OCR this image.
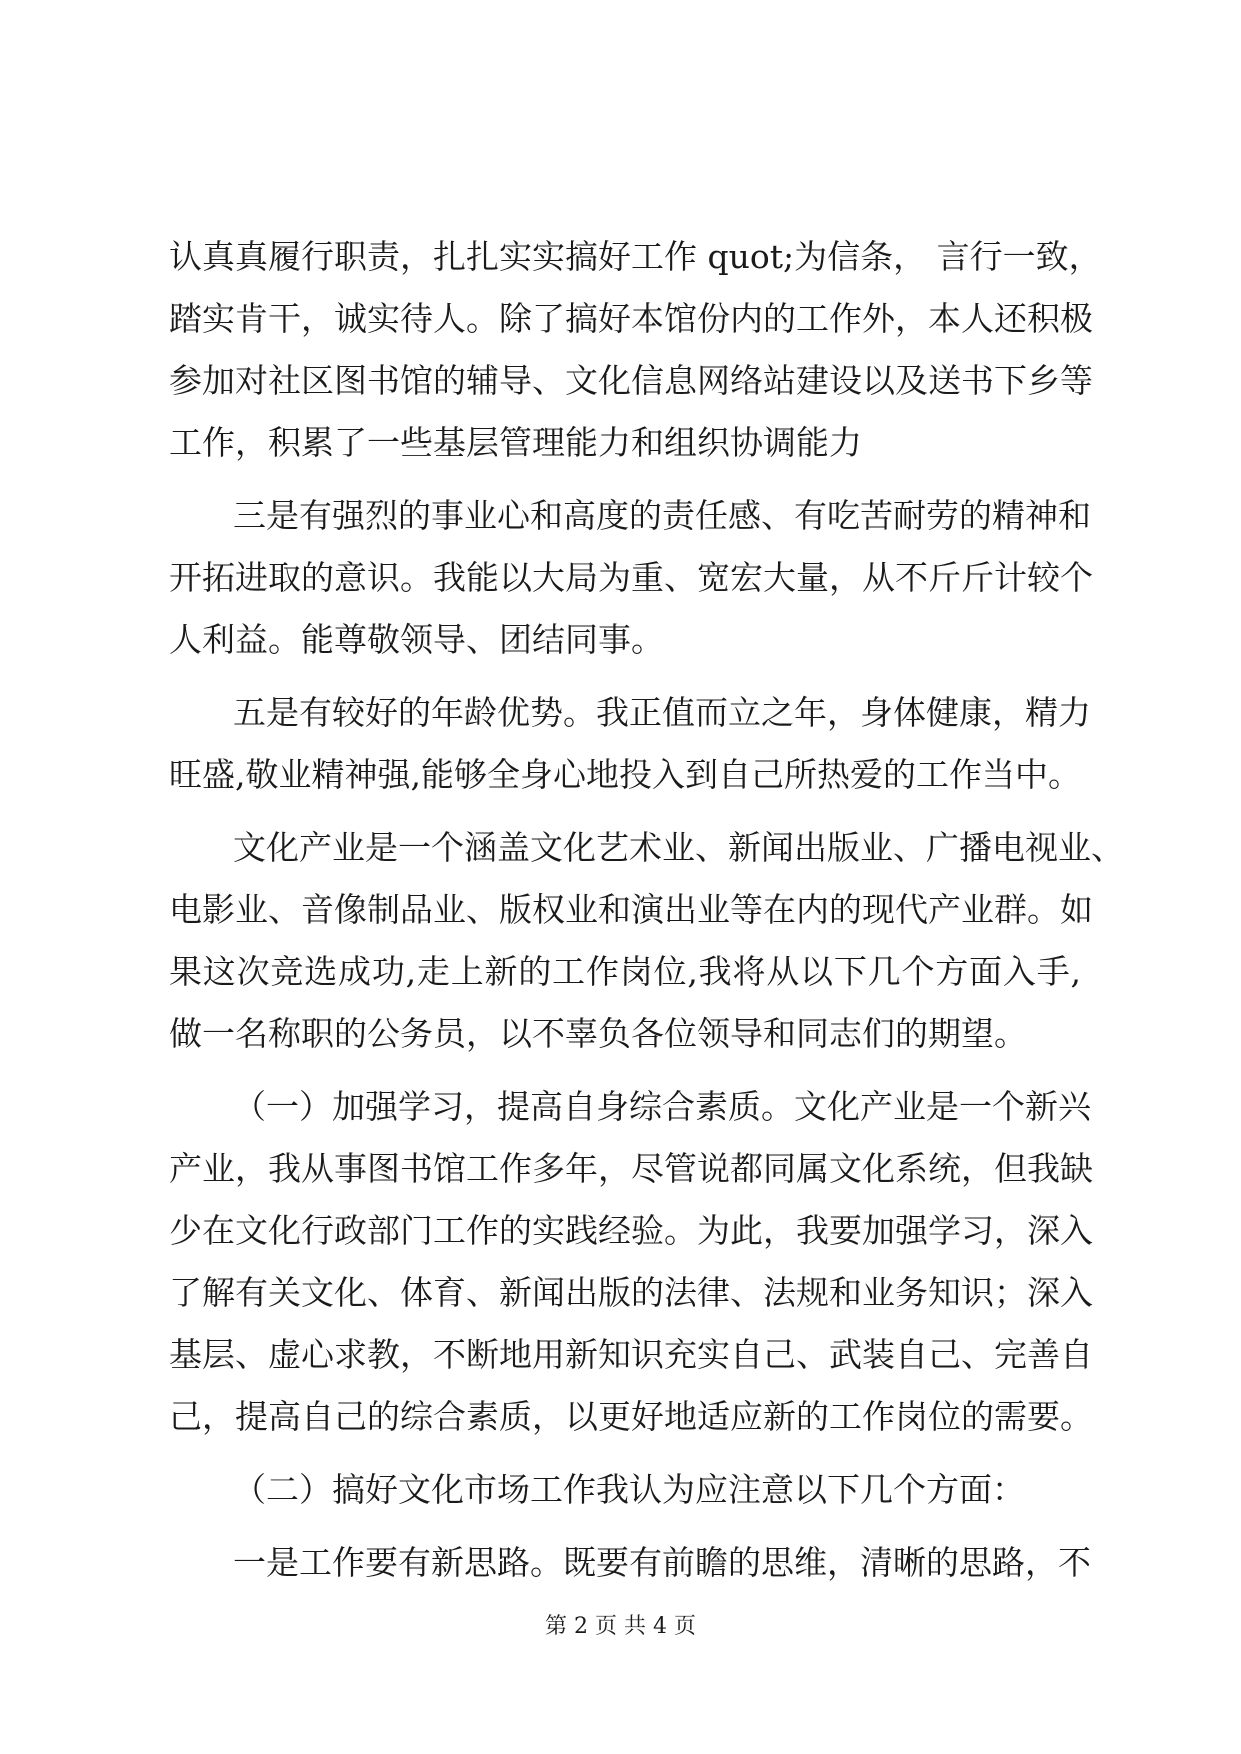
认真真履行职责，扎扎实实搞好工作 quot;为信条， 言行一致，
踏实肯干，诚实待人。除了搞好本馆份内的工作外，本人还积极
参加对社区图书馆的辅导、文化信息网络站建设以及送书下乡等
工作，积累了一些基层管理能力和组织协调能力
三是有强烈的事业心和高度的责任感、有吃苦耐劳的精神和
开拓进取的意识。我能以大局为重、宽宏大量，从不斤斤计较个
人利益。能尊敬领导、团结同事。
五是有较好的年龄优势。我正值而立之年，身体健康，精力
旺盛,敬业精神强,能够全身心地投入到自己所热爱的工作当中。
文化产业是一个涵盖文化艺术业、新闻出版业、广播电视业、
电影业、音像制品业、版权业和演出业等在内的现代产业群。如
果这次竞选成功,走上新的工作岗位,我将从以下几个方面入手,
做一名称职的公务员，以不辜负各位领导和同志们的期望。
（一）加强学习，提高自身综合素质。文化产业是一个新兴
产业，我从事图书馆工作多年，尽管说都同属文化系统，但我缺
少在文化行政部门工作的实践经验。为此，我要加强学习，深入
了解有关文化、体育、新闻出版的法律、法规和业务知识；深入
基层、虚心求教，不断地用新知识充实自己、武装自己、完善自
己，提高自己的综合素质，以更好地适应新的工作岗位的需要。
（二）搞好文化市场工作我认为应注意以下几个方面：
一是工作要有新思路。既要有前瞻的思维，清晰的思路，不
第 2 页 共 4 页
